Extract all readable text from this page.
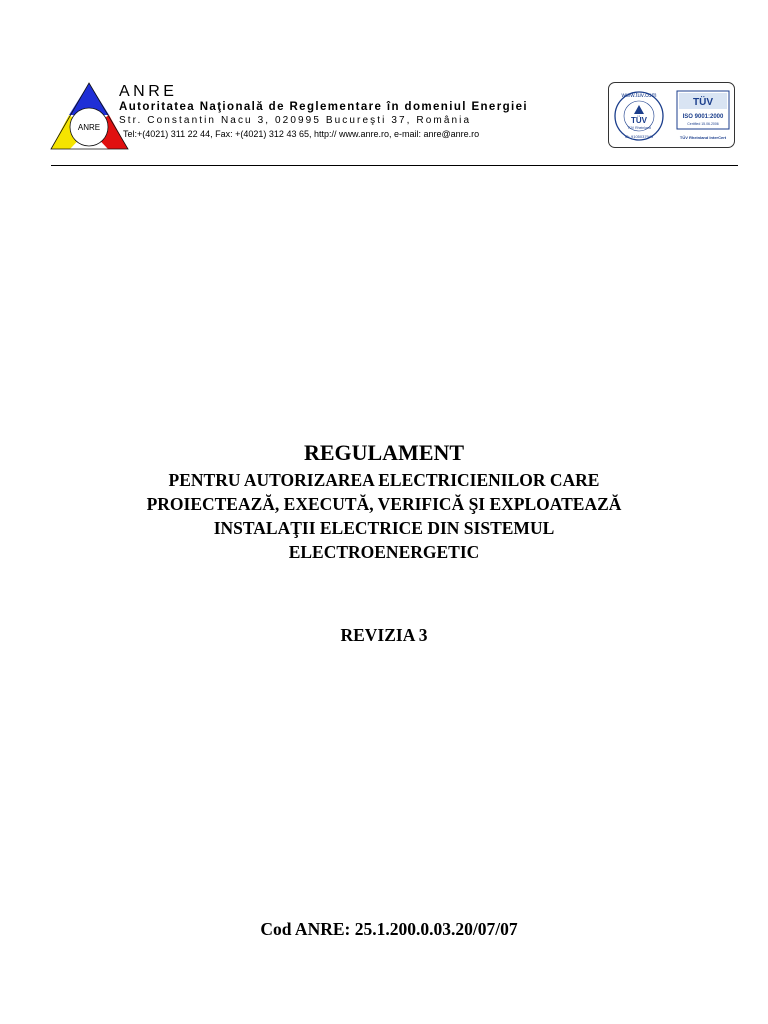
ANRE
ANRE
Autoritatea Naţională de Reglementare în domeniul Energiei
Str. Constantin Nacu 3, 020995 Bucureşti 37, România
Tel:+(4021) 311 22 44, Fax: +(4021) 312 43 65, http:// www.anre.ro, e-mail: anre@anre.ro
www.tuv.com
TÜV
TÜV Rheinland
ID: 9105037945
TÜV
ISO 9001:2000
Certified 15.06.2006
TÜV Rheinland InterCert
REGULAMENT
PENTRU AUTORIZAREA ELECTRICIENILOR CARE
PROIECTEAZĂ, EXECUTĂ, VERIFICĂ ŞI EXPLOATEAZĂ
INSTALAŢII ELECTRICE DIN SISTEMUL
ELECTROENERGETIC
REVIZIA 3
Cod ANRE: 25.1.200.0.03.20/07/07
